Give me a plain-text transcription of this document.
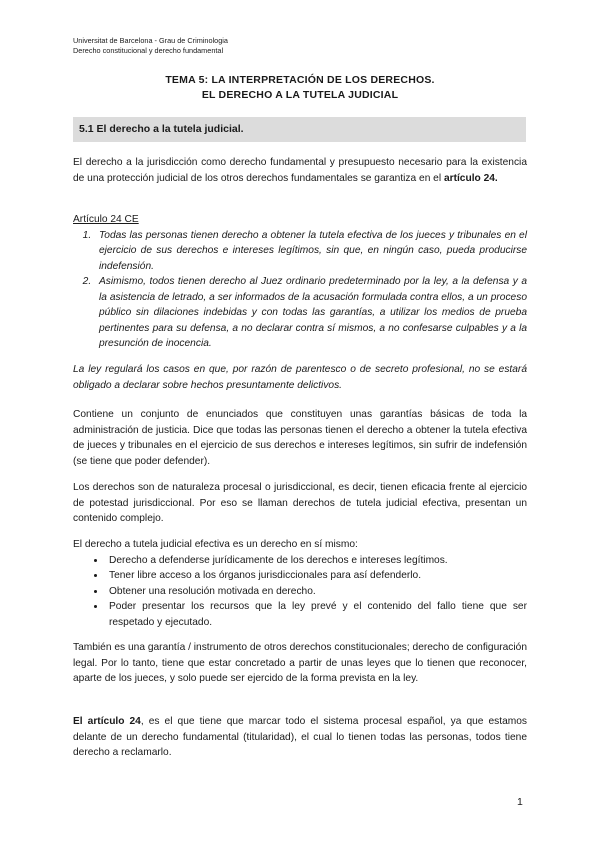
Universitat de Barcelona - Grau de Criminologia
Derecho constitucional y derecho fundamental
TEMA 5: LA INTERPRETACIÓN DE LOS DERECHOS.
EL DERECHO A LA TUTELA JUDICIAL
5.1 El derecho a la tutela judicial.
El derecho a la jurisdicción como derecho fundamental y presupuesto necesario para la existencia de una protección judicial de los otros derechos fundamentales se garantiza en el artículo 24.
Artículo 24 CE
1. Todas las personas tienen derecho a obtener la tutela efectiva de los jueces y tribunales en el ejercicio de sus derechos e intereses legítimos, sin que, en ningún caso, pueda producirse indefensión.
2. Asimismo, todos tienen derecho al Juez ordinario predeterminado por la ley, a la defensa y a la asistencia de letrado, a ser informados de la acusación formulada contra ellos, a un proceso público sin dilaciones indebidas y con todas las garantías, a utilizar los medios de prueba pertinentes para su defensa, a no declarar contra sí mismos, a no confesarse culpables y a la presunción de inocencia.
La ley regulará los casos en que, por razón de parentesco o de secreto profesional, no se estará obligado a declarar sobre hechos presuntamente delictivos.
Contiene un conjunto de enunciados que constituyen unas garantías básicas de toda la administración de justicia. Dice que todas las personas tienen el derecho a obtener la tutela efectiva de jueces y tribunales en el ejercicio de sus derechos e intereses legítimos, sin sufrir de indefensión (se tiene que poder defender).
Los derechos son de naturaleza procesal o jurisdiccional, es decir, tienen eficacia frente al ejercicio de potestad jurisdiccional. Por eso se llaman derechos de tutela judicial efectiva, presentan un contenido complejo.
El derecho a tutela judicial efectiva es un derecho en sí mismo:
• Derecho a defenderse jurídicamente de los derechos e intereses legítimos.
• Tener libre acceso a los órganos jurisdiccionales para así defenderlo.
• Obtener una resolución motivada en derecho.
• Poder presentar los recursos que la ley prevé y el contenido del fallo tiene que ser respetado y ejecutado.
También es una garantía / instrumento de otros derechos constitucionales; derecho de configuración legal. Por lo tanto, tiene que estar concretado a partir de unas leyes que lo tienen que reconocer, aparte de los jueces, y solo puede ser ejercido de la forma prevista en la ley.
El artículo 24, es el que tiene que marcar todo el sistema procesal español, ya que estamos delante de un derecho fundamental (titularidad), el cual lo tienen todas las personas, todos tiene derecho a reclamarlo.
1
